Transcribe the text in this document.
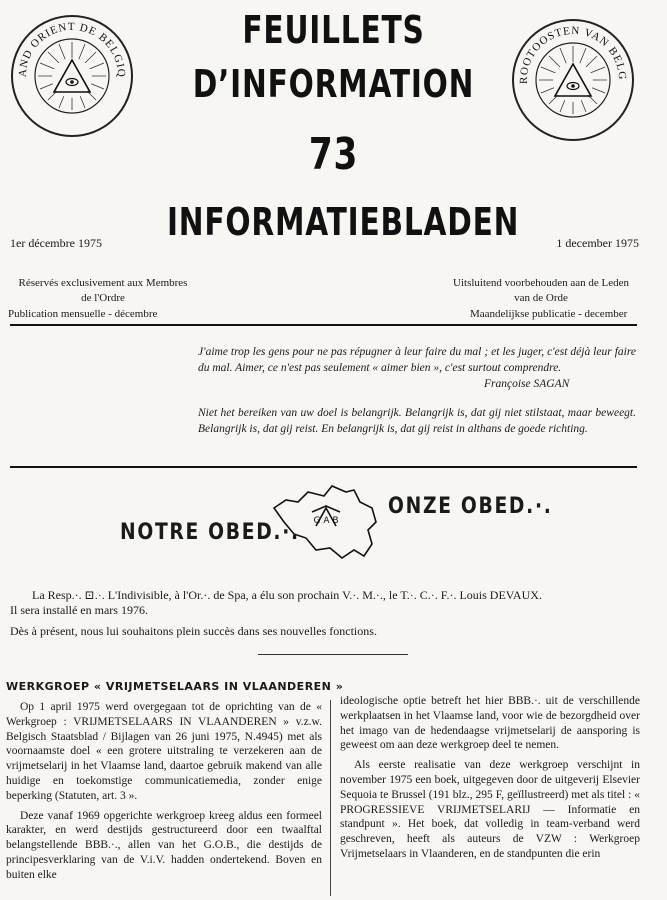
AND ORIENT DE BELGIQ
ROOTOOSTEN VAN BELG
FEUILLETS
D’INFORMATION
73
INFORMATIEBLADEN
1er décembre 1975	1 december 1975
Réservés exclusivement aux Membres
de l'Ordre
Publication mensuelle - décembre
Uitsluitend voorbehouden aan de Leden
van de Orde
Maandelijkse publicatie - december
J'aime trop les gens pour ne pas répugner à leur faire du mal ; et les juger, c'est déjà leur faire du mal. Aimer, ce n'est pas seulement « aimer bien », c'est surtout comprendre.
Françoise SAGAN
Niet het bereiken van uw doel is belangrijk. Belangrijk is, dat gij niet stilstaat, maar beweegt. Belangrijk is, dat gij reist. En belangrijk is, dat gij reist in althans de goede richting.
NOTRE OBED.·.
ONZE OBED.·.
G A B
La Resp.·. ⊡.·. L'Indivisible, à l'Or.·. de Spa, a élu son prochain V.·. M.·., le T.·. C.·. F.·. Louis DEVAUX.
Il sera installé en mars 1976.
Dès à présent, nous lui souhaitons plein succès dans ses nouvelles fonctions.
WERKGROEP « VRIJMETSELAARS IN VLAANDEREN »

Op 1 april 1975 werd overgegaan tot de oprichting van de « Werkgroep : VRIJMETSELAARS IN VLAANDEREN » v.z.w. Belgisch Staatsblad / Bijlagen van 26 juni 1975, N.4945) met als voornaamste doel « een grotere uitstraling te verzekeren aan de vrijmetselarij in het Vlaamse land, daartoe gebruik makend van alle huidige en toekomstige communicatiemedia, zonder enige beperking (Statuten, art. 3 ».

Deze vanaf 1969 opgerichte werkgroep kreeg aldus een formeel karakter, en werd destijds gestructureerd door een twaalftal belangstellende BBB.·., allen van het G.O.B., die destijds de principesverklaring van de V.i.V. hadden ondertekend. Boven en buiten elke

ideologische optie betreft het hier BBB.·. uit de verschillende werkplaatsen in het Vlaamse land, voor wie de bezorgdheid over het imago van de hedendaagse vrijmetselarij de aansporing is geweest om aan deze werkgroep deel te nemen.

Als eerste realisatie van deze werkgroep verschijnt in november 1975 een boek, uitgegeven door de uitgeverij Elsevier Sequoia te Brussel (191 blz., 295 F, geïllustreerd) met als titel : « PROGRESSIEVE VRIJMETSELARIJ — Informatie en standpunt ». Het boek, dat volledig in team-verband werd geschreven, heeft als auteurs de VZW : Werkgroep Vrijmetselaars in Vlaanderen, en de standpunten die erin
